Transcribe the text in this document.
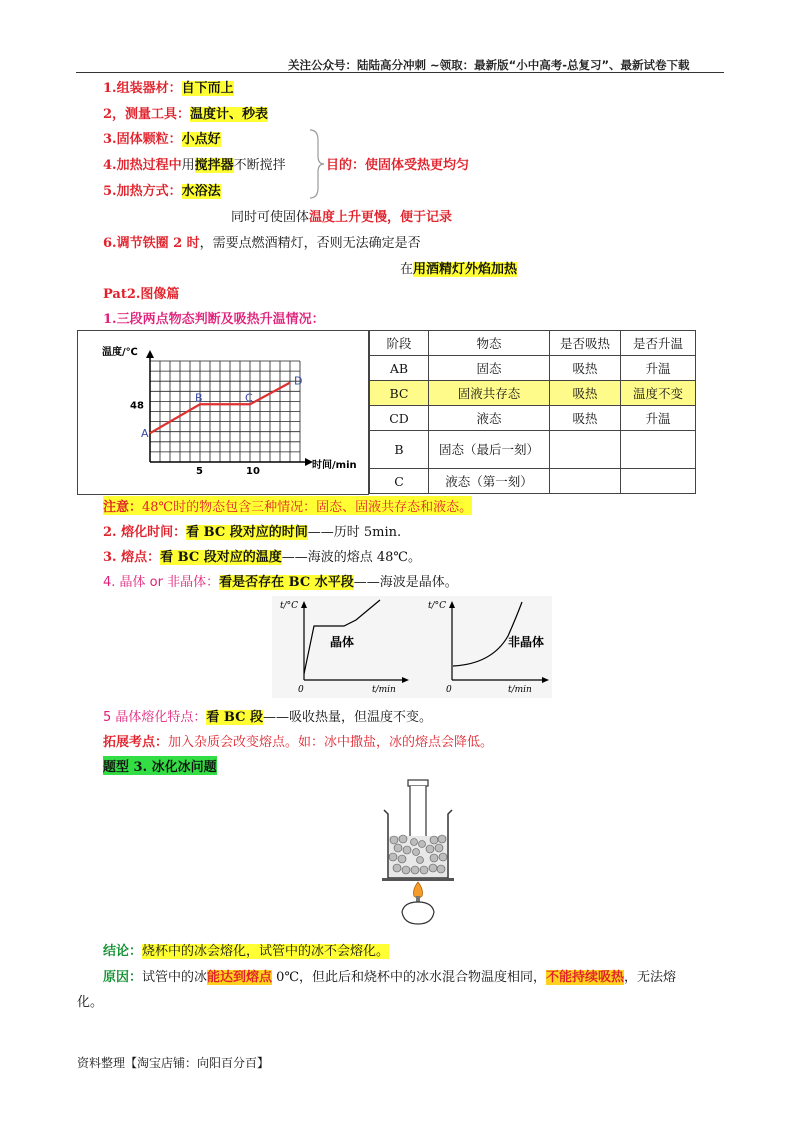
关注公众号：陆陆高分冲刺 ~领取：最新版“小中高考-总复习”、最新试卷下载
1.组装器材：自下而上
2，测量工具：温度计、秒表
3.固体颗粒：小点好
4.加热过程中用搅拌器不断搅拌
5.加热方式：水浴法
目的：使固体受热更均匀
同时可使固体温度上升更慢，便于记录
6.调节铁圈 2 时，需要点燃酒精灯，否则无法确定是否
在用酒精灯外焰加热
Pat2.图像篇
1.三段两点物态判断及吸热升温情况：
温度/℃
时间/min
5	10
48
A
B	C
D
阶段	物态	是否吸热	是否升温
AB	固态	吸热	升温
BC	固液共存态	吸热	温度不变
CD	液态	吸热	升温
B	固态（最后一刻）		
C	液态（第一刻）		
注意：48℃时的物态包含三种情况：固态、固液共存态和液态。
2. 熔化时间：看 BC 段对应的时间——历时 5min.
3. 熔点：看 BC 段对应的温度——海波的熔点 48℃。
4. 晶体 or 非晶体：看是否存在 BC 水平段——海波是晶体。
t/°C
0	t/min
晶体
t/°C
0	t/min
非晶体
5 晶体熔化特点：看 BC 段——吸收热量，但温度不变。
拓展考点：加入杂质会改变熔点。如：冰中撒盐，冰的熔点会降低。
题型 3. 冰化冰问题
结论：烧杯中的冰会熔化，试管中的冰不会熔化。
原因：试管中的冰能达到熔点 0℃，但此后和烧杯中的冰水混合物温度相同，不能持续吸热，无法熔
化。
资料整理【淘宝店铺：向阳百分百】
